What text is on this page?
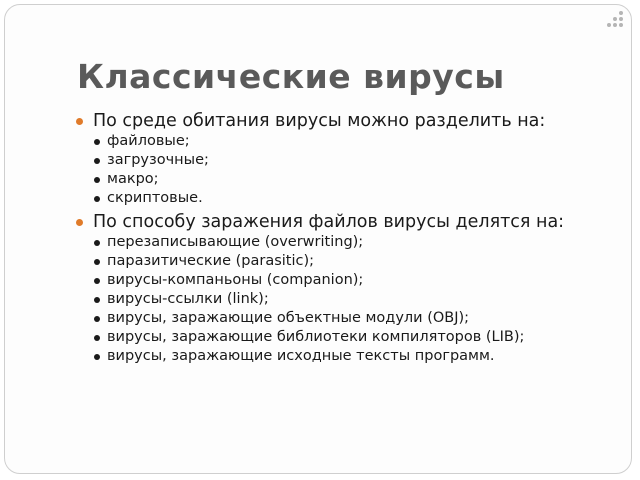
Классические вирусы
По среде обитания вирусы можно разделить на:
файловые;
загрузочные;
макро;
скриптовые.
По способу заражения файлов вирусы делятся на:
перезаписывающие (overwriting);
паразитические (parasitic);
вирусы-компаньоны (companion);
вирусы-ссылки (link);
вирусы, заражающие объектные модули (OBJ);
вирусы, заражающие библиотеки компиляторов (LIB);
вирусы, заражающие исходные тексты программ.
